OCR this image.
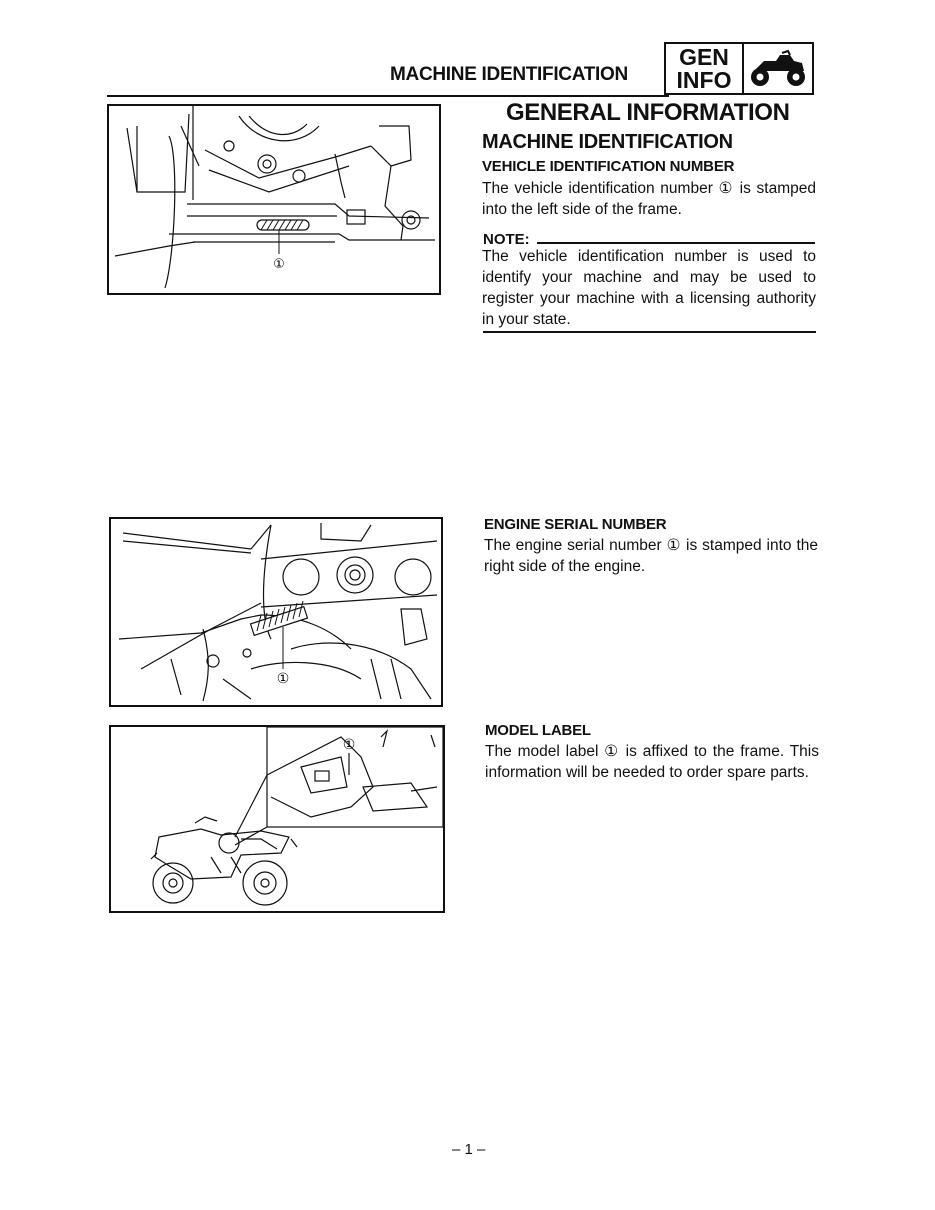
MACHINE IDENTIFICATION
GEN
INFO
①
GENERAL INFORMATION
MACHINE IDENTIFICATION
VEHICLE IDENTIFICATION NUMBER
The vehicle identification number ① is stamped into the left side of the frame.
NOTE:
The vehicle identification number is used to identify your machine and may be used to register your machine with a licensing authority in your state.
①
ENGINE SERIAL NUMBER
The engine serial number ① is stamped into the right side of the engine.
①
MODEL LABEL
The model label ① is affixed to the frame. This information will be needed to order spare parts.
– 1 –
